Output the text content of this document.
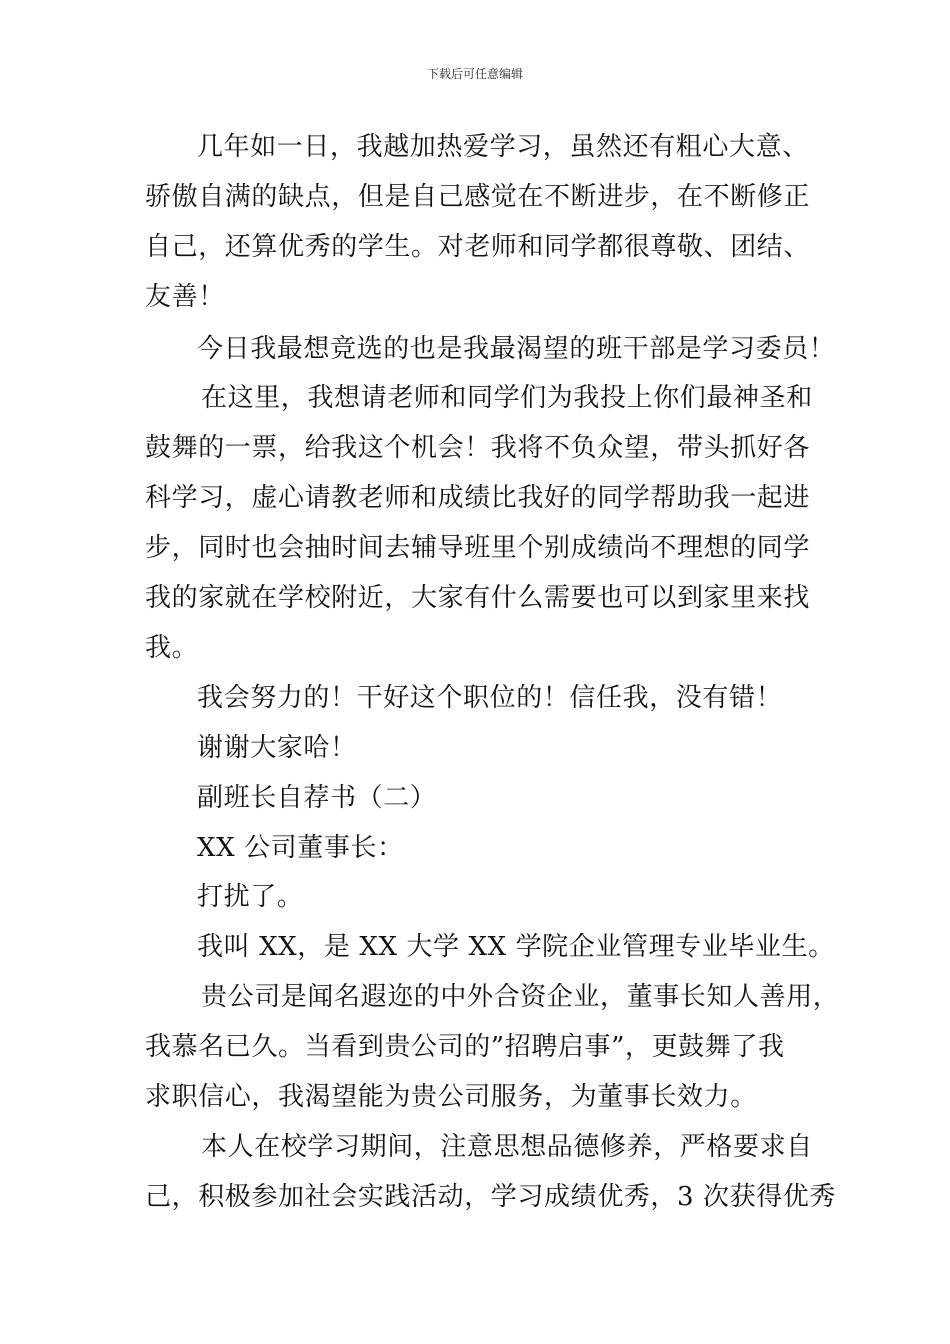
下载后可任意编辑
几年如一日，我越加热爱学习，虽然还有粗心大意、
骄傲自满的缺点，但是自己感觉在不断进步，在不断修正
自己，还算优秀的学生。对老师和同学都很尊敬、团结、
友善！
今日我最想竞选的也是我最渴望的班干部是学习委员！
在这里，我想请老师和同学们为我投上你们最神圣和
鼓舞的一票，给我这个机会！我将不负众望，带头抓好各
科学习，虚心请教老师和成绩比我好的同学帮助我一起进
步，同时也会抽时间去辅导班里个别成绩尚不理想的同学
我的家就在学校附近，大家有什么需要也可以到家里来找
我。
我会努力的！干好这个职位的！信任我，没有错！
谢谢大家哈！
副班长自荐书（二）
XX 公司董事长：
打扰了。
我叫 XX，是 XX 大学 XX 学院企业管理专业毕业生。
贵公司是闻名遐迩的中外合资企业，董事长知人善用，
我慕名已久。当看到贵公司的”招聘启事”，更鼓舞了我
求职信心，我渴望能为贵公司服务，为董事长效力。
本人在校学习期间，注意思想品德修养，严格要求自
己，积极参加社会实践活动，学习成绩优秀，3 次获得优秀
